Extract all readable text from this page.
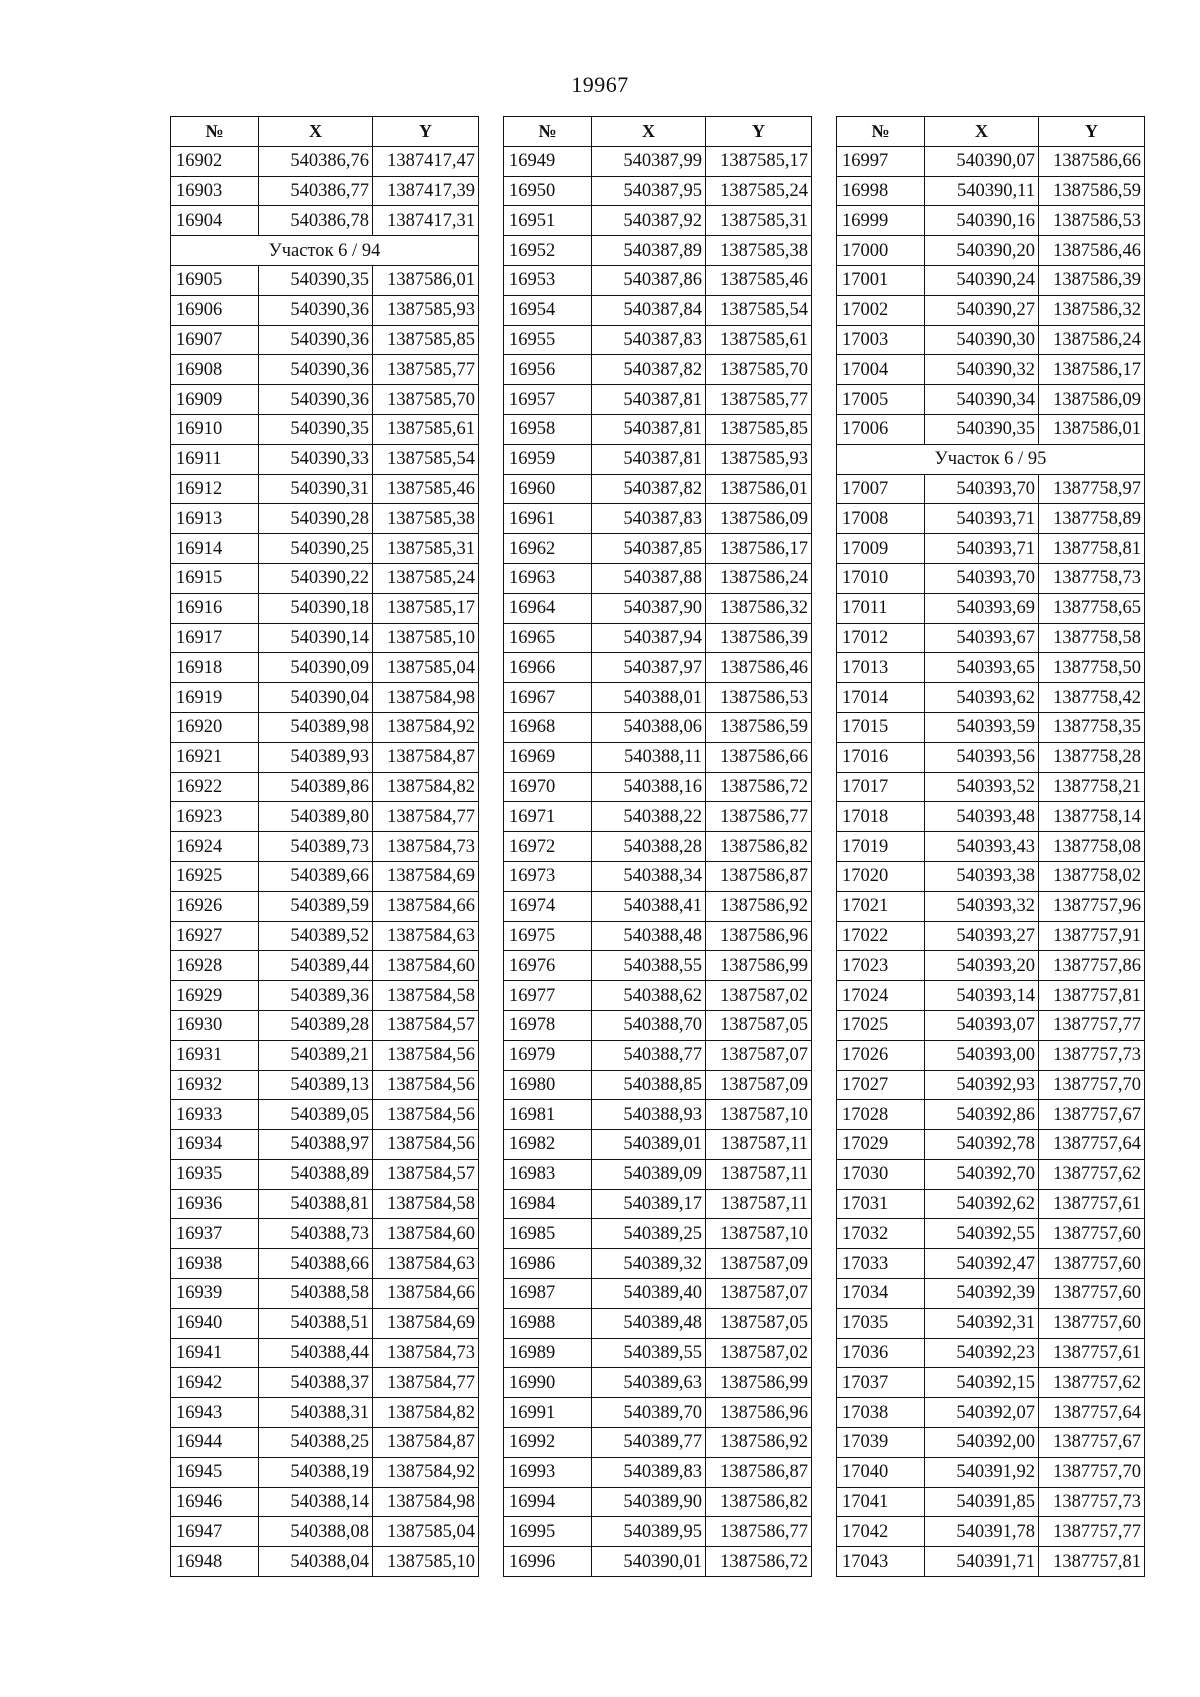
19967
№	X	Y
16902	540386,76	1387417,47
16903	540386,77	1387417,39
16904	540386,78	1387417,31
Участок 6 / 94		
16905	540390,35	1387586,01
16906	540390,36	1387585,93
16907	540390,36	1387585,85
16908	540390,36	1387585,77
16909	540390,36	1387585,70
16910	540390,35	1387585,61
16911	540390,33	1387585,54
16912	540390,31	1387585,46
16913	540390,28	1387585,38
16914	540390,25	1387585,31
16915	540390,22	1387585,24
16916	540390,18	1387585,17
16917	540390,14	1387585,10
16918	540390,09	1387585,04
16919	540390,04	1387584,98
16920	540389,98	1387584,92
16921	540389,93	1387584,87
16922	540389,86	1387584,82
16923	540389,80	1387584,77
16924	540389,73	1387584,73
16925	540389,66	1387584,69
16926	540389,59	1387584,66
16927	540389,52	1387584,63
16928	540389,44	1387584,60
16929	540389,36	1387584,58
16930	540389,28	1387584,57
16931	540389,21	1387584,56
16932	540389,13	1387584,56
16933	540389,05	1387584,56
16934	540388,97	1387584,56
16935	540388,89	1387584,57
16936	540388,81	1387584,58
16937	540388,73	1387584,60
16938	540388,66	1387584,63
16939	540388,58	1387584,66
16940	540388,51	1387584,69
16941	540388,44	1387584,73
16942	540388,37	1387584,77
16943	540388,31	1387584,82
16944	540388,25	1387584,87
16945	540388,19	1387584,92
16946	540388,14	1387584,98
16947	540388,08	1387585,04
16948	540388,04	1387585,10
№	X	Y
16949	540387,99	1387585,17
16950	540387,95	1387585,24
16951	540387,92	1387585,31
16952	540387,89	1387585,38
16953	540387,86	1387585,46
16954	540387,84	1387585,54
16955	540387,83	1387585,61
16956	540387,82	1387585,70
16957	540387,81	1387585,77
16958	540387,81	1387585,85
16959	540387,81	1387585,93
16960	540387,82	1387586,01
16961	540387,83	1387586,09
16962	540387,85	1387586,17
16963	540387,88	1387586,24
16964	540387,90	1387586,32
16965	540387,94	1387586,39
16966	540387,97	1387586,46
16967	540388,01	1387586,53
16968	540388,06	1387586,59
16969	540388,11	1387586,66
16970	540388,16	1387586,72
16971	540388,22	1387586,77
16972	540388,28	1387586,82
16973	540388,34	1387586,87
16974	540388,41	1387586,92
16975	540388,48	1387586,96
16976	540388,55	1387586,99
16977	540388,62	1387587,02
16978	540388,70	1387587,05
16979	540388,77	1387587,07
16980	540388,85	1387587,09
16981	540388,93	1387587,10
16982	540389,01	1387587,11
16983	540389,09	1387587,11
16984	540389,17	1387587,11
16985	540389,25	1387587,10
16986	540389,32	1387587,09
16987	540389,40	1387587,07
16988	540389,48	1387587,05
16989	540389,55	1387587,02
16990	540389,63	1387586,99
16991	540389,70	1387586,96
16992	540389,77	1387586,92
16993	540389,83	1387586,87
16994	540389,90	1387586,82
16995	540389,95	1387586,77
16996	540390,01	1387586,72
№	X	Y
16997	540390,07	1387586,66
16998	540390,11	1387586,59
16999	540390,16	1387586,53
17000	540390,20	1387586,46
17001	540390,24	1387586,39
17002	540390,27	1387586,32
17003	540390,30	1387586,24
17004	540390,32	1387586,17
17005	540390,34	1387586,09
17006	540390,35	1387586,01
Участок 6 / 95		
17007	540393,70	1387758,97
17008	540393,71	1387758,89
17009	540393,71	1387758,81
17010	540393,70	1387758,73
17011	540393,69	1387758,65
17012	540393,67	1387758,58
17013	540393,65	1387758,50
17014	540393,62	1387758,42
17015	540393,59	1387758,35
17016	540393,56	1387758,28
17017	540393,52	1387758,21
17018	540393,48	1387758,14
17019	540393,43	1387758,08
17020	540393,38	1387758,02
17021	540393,32	1387757,96
17022	540393,27	1387757,91
17023	540393,20	1387757,86
17024	540393,14	1387757,81
17025	540393,07	1387757,77
17026	540393,00	1387757,73
17027	540392,93	1387757,70
17028	540392,86	1387757,67
17029	540392,78	1387757,64
17030	540392,70	1387757,62
17031	540392,62	1387757,61
17032	540392,55	1387757,60
17033	540392,47	1387757,60
17034	540392,39	1387757,60
17035	540392,31	1387757,60
17036	540392,23	1387757,61
17037	540392,15	1387757,62
17038	540392,07	1387757,64
17039	540392,00	1387757,67
17040	540391,92	1387757,70
17041	540391,85	1387757,73
17042	540391,78	1387757,77
17043	540391,71	1387757,81
